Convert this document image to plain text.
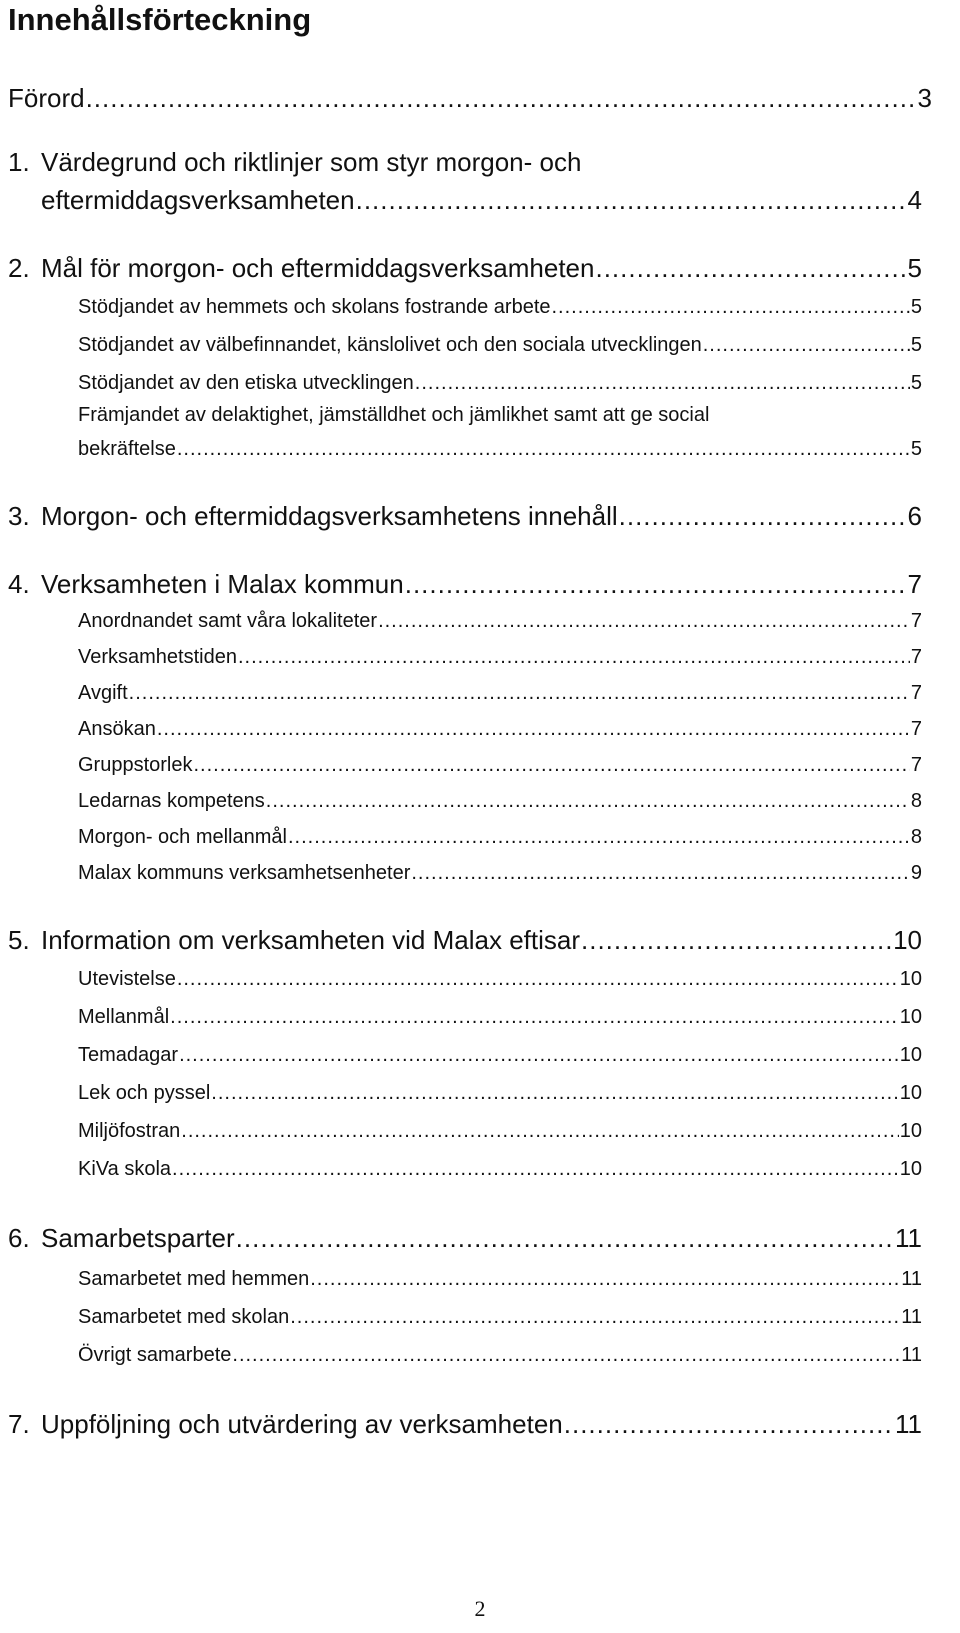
Innehållsförteckning
Förord .....	3
1. Värdegrund och riktlinjer som styr morgon- och
eftermiddagsverksamheten .....	4
2. Mål för morgon- och eftermiddagsverksamheten .....	5
Stödjandet av hemmets och skolans fostrande arbete .....	5
Stödjandet av välbefinnandet, känslolivet och den sociala utvecklingen .....	5
Stödjandet av den etiska utvecklingen .....	5
Främjandet av delaktighet, jämställdhet och jämlikhet samt att ge social
bekräftelse .....	5
3. Morgon- och eftermiddagsverksamhetens innehåll .....	6
4. Verksamheten i Malax kommun .....	7
Anordnandet samt våra lokaliteter .....	7
Verksamhetstiden .....	7
Avgift .....	7
Ansökan .....	7
Gruppstorlek .....	7
Ledarnas kompetens .....	8
Morgon- och mellanmål .....	8
Malax kommuns verksamhetsenheter .....	9
5. Information om verksamheten vid Malax eftisar .....	10
Utevistelse .....	10
Mellanmål .....	10
Temadagar .....	10
Lek och pyssel .....	10
Miljöfostran .....	10
KiVa skola .....	10
6. Samarbetsparter .....	11
Samarbetet med hemmen .....	11
Samarbetet med skolan .....	11
Övrigt samarbete .....	11
7. Uppföljning och utvärdering av verksamheten .....	11
2
